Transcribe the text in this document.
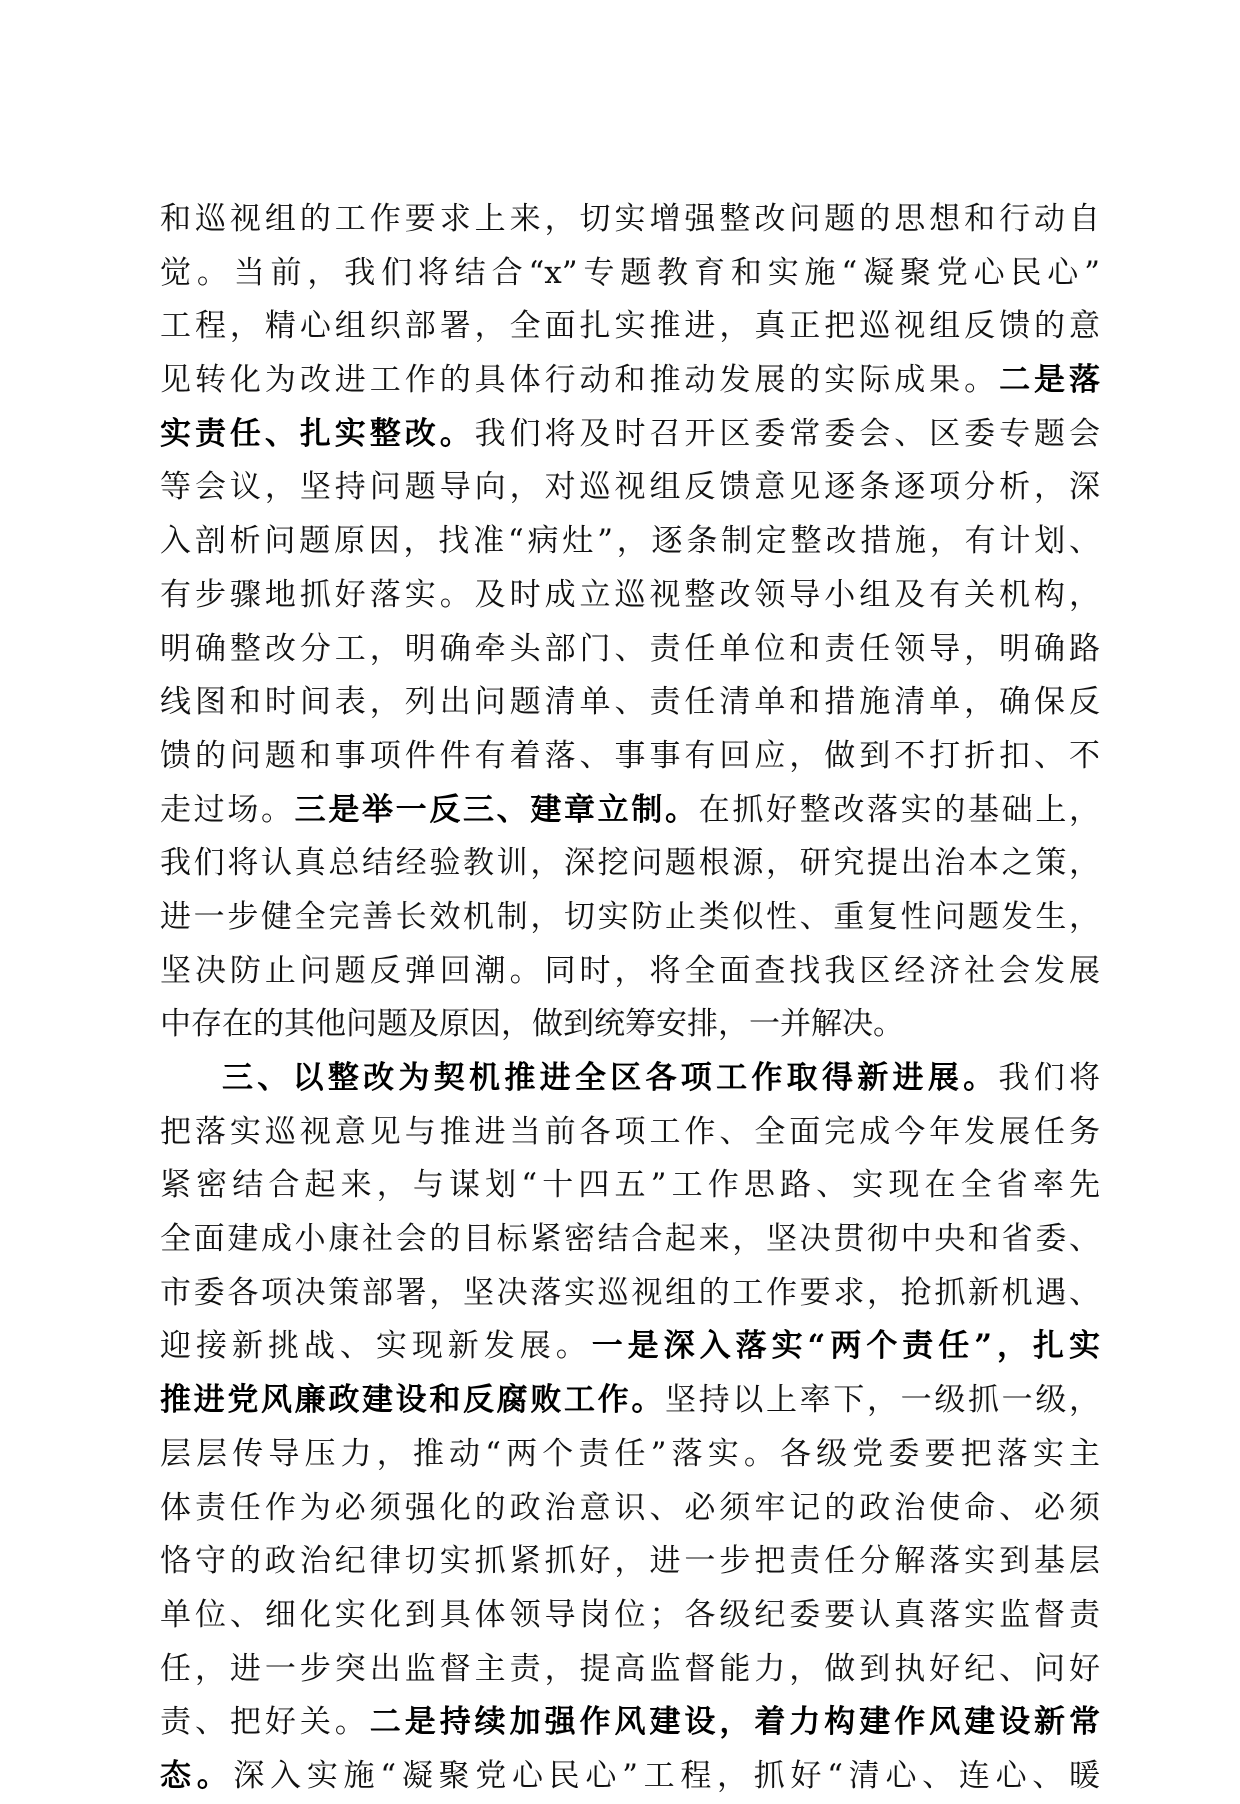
和巡视组的工作要求上来，切实增强整改问题的思想和行动自
觉。当前，我们将结合“x”专题教育和实施“凝聚党心民心”
工程，精心组织部署，全面扎实推进，真正把巡视组反馈的意
见转化为改进工作的具体行动和推动发展的实际成果。二是落
实责任、扎实整改。我们将及时召开区委常委会、区委专题会
等会议，坚持问题导向，对巡视组反馈意见逐条逐项分析，深
入剖析问题原因，找准“病灶”，逐条制定整改措施，有计划、
有步骤地抓好落实。及时成立巡视整改领导小组及有关机构，
明确整改分工，明确牵头部门、责任单位和责任领导，明确路
线图和时间表，列出问题清单、责任清单和措施清单，确保反
馈的问题和事项件件有着落、事事有回应，做到不打折扣、不
走过场。三是举一反三、建章立制。在抓好整改落实的基础上，
我们将认真总结经验教训，深挖问题根源，研究提出治本之策，
进一步健全完善长效机制，切实防止类似性、重复性问题发生，
坚决防止问题反弹回潮。同时，将全面查找我区经济社会发展
中存在的其他问题及原因，做到统筹安排，一并解决。
三、以整改为契机推进全区各项工作取得新进展。我们将
把落实巡视意见与推进当前各项工作、全面完成今年发展任务
紧密结合起来，与谋划“十四五”工作思路、实现在全省率先
全面建成小康社会的目标紧密结合起来，坚决贯彻中央和省委、
市委各项决策部署，坚决落实巡视组的工作要求，抢抓新机遇、
迎接新挑战、实现新发展。一是深入落实“两个责任”，扎实
推进党风廉政建设和反腐败工作。坚持以上率下，一级抓一级，
层层传导压力，推动“两个责任”落实。各级党委要把落实主
体责任作为必须强化的政治意识、必须牢记的政治使命、必须
恪守的政治纪律切实抓紧抓好，进一步把责任分解落实到基层
单位、细化实化到具体领导岗位；各级纪委要认真落实监督责
任，进一步突出监督主责，提高监督能力，做到执好纪、问好
责、把好关。二是持续加强作风建设，着力构建作风建设新常
态。深入实施“凝聚党心民心”工程，抓好“清心、连心、暖
